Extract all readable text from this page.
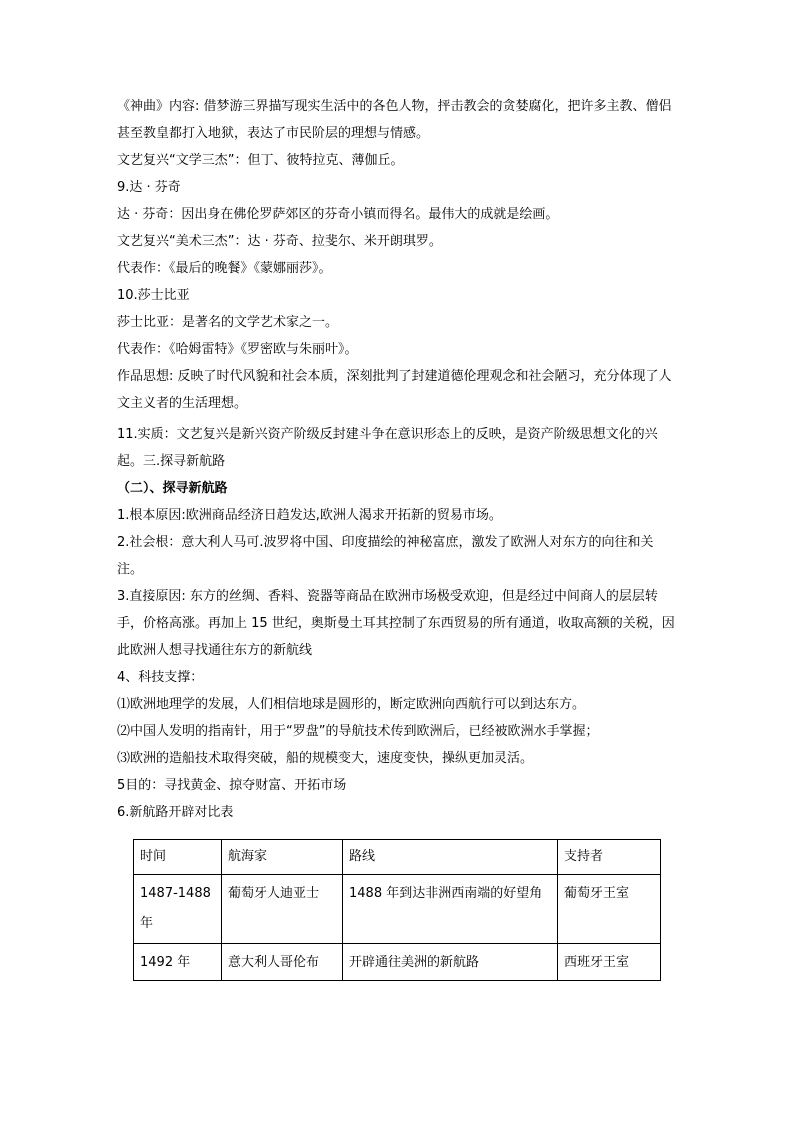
《神曲》内容: 借梦游三界描写现实生活中的各色人物，抨击教会的贪婪腐化，把许多主教、僧侣甚至教皇都打入地狱，表达了市民阶层的理想与情感。

文艺复兴“文学三杰”：但丁、彼特拉克、薄伽丘。

9.达 · 芬奇

达 · 芬奇：因出身在佛伦罗萨郊区的芬奇小镇而得名。最伟大的成就是绘画。

文艺复兴“美术三杰”：达 · 芬奇、拉斐尔、米开朗琪罗。

代表作：《最后的晚餐》《蒙娜丽莎》。

10.莎士比亚

莎士比亚：是著名的文学艺术家之一。

代表作：《哈姆雷特》《罗密欧与朱丽叶》。

作品思想: 反映了时代风貌和社会本质，深刻批判了封建道德伦理观念和社会陋习，充分体现了人文主义者的生活理想。

11.实质：文艺复兴是新兴资产阶级反封建斗争在意识形态上的反映，是资产阶级思想文化的兴起。三.探寻新航路

（二）、探寻新航路

1.根本原因:欧洲商品经济日趋发达,欧洲人渴求开拓新的贸易市场。

2.社会根：意大利人马可.波罗将中国、印度描绘的神秘富庶，激发了欧洲人对东方的向往和关注。

3.直接原因: 东方的丝绸、香料、瓷器等商品在欧洲市场极受欢迎，但是经过中间商人的层层转手，价格高涨。再加上 15 世纪，奥斯曼土耳其控制了东西贸易的所有通道，收取高额的关税，因此欧洲人想寻找通往东方的新航线

4、科技支撑：

⑴欧洲地理学的发展，人们相信地球是圆形的，断定欧洲向西航行可以到达东方。

⑵中国人发明的指南针，用于“罗盘”的导航技术传到欧洲后，已经被欧洲水手掌握；

⑶欧洲的造船技术取得突破，船的规模变大，速度变快，操纵更加灵活。

5目的：寻找黄金、掠夺财富、开拓市场

6.新航路开辟对比表

时间	航海家	路线	支持者
1487-1488 年	葡萄牙人迪亚士	1488 年到达非洲西南端的好望角	葡萄牙王室
1492 年	意大利人哥伦布	开辟通往美洲的新航路	西班牙王室
